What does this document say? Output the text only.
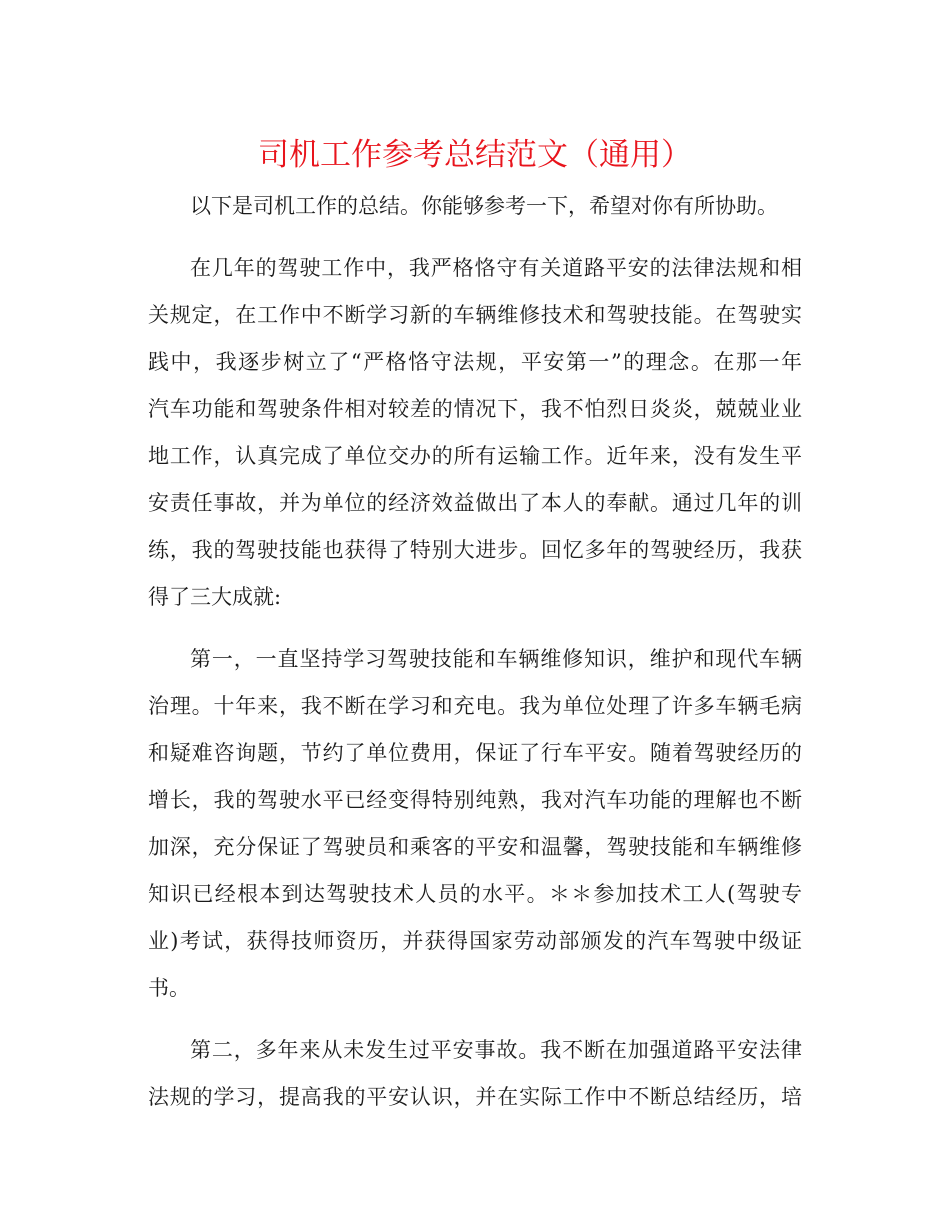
司机工作参考总结范文（通用）
以下是司机工作的总结。你能够参考一下，希望对你有所协助。
在几年的驾驶工作中，我严格恪守有关道路平安的法律法规和相
关规定，在工作中不断学习新的车辆维修技术和驾驶技能。在驾驶实
践中，我逐步树立了“严格恪守法规，平安第一”的理念。在那一年
汽车功能和驾驶条件相对较差的情况下，我不怕烈日炎炎，兢兢业业
地工作，认真完成了单位交办的所有运输工作。近年来，没有发生平
安责任事故，并为单位的经济效益做出了本人的奉献。通过几年的训
练，我的驾驶技能也获得了特别大进步。回忆多年的驾驶经历，我获
得了三大成就:
第一，一直坚持学习驾驶技能和车辆维修知识，维护和现代车辆
治理。十年来，我不断在学习和充电。我为单位处理了许多车辆毛病
和疑难咨询题，节约了单位费用，保证了行车平安。随着驾驶经历的
增长，我的驾驶水平已经变得特别纯熟，我对汽车功能的理解也不断
加深，充分保证了驾驶员和乘客的平安和温馨，驾驶技能和车辆维修
知识已经根本到达驾驶技术人员的水平。＊＊参加技术工人(驾驶专
业)考试，获得技师资历，并获得国家劳动部颁发的汽车驾驶中级证
书。
第二，多年来从未发生过平安事故。我不断在加强道路平安法律
法规的学习，提高我的平安认识，并在实际工作中不断总结经历，培
